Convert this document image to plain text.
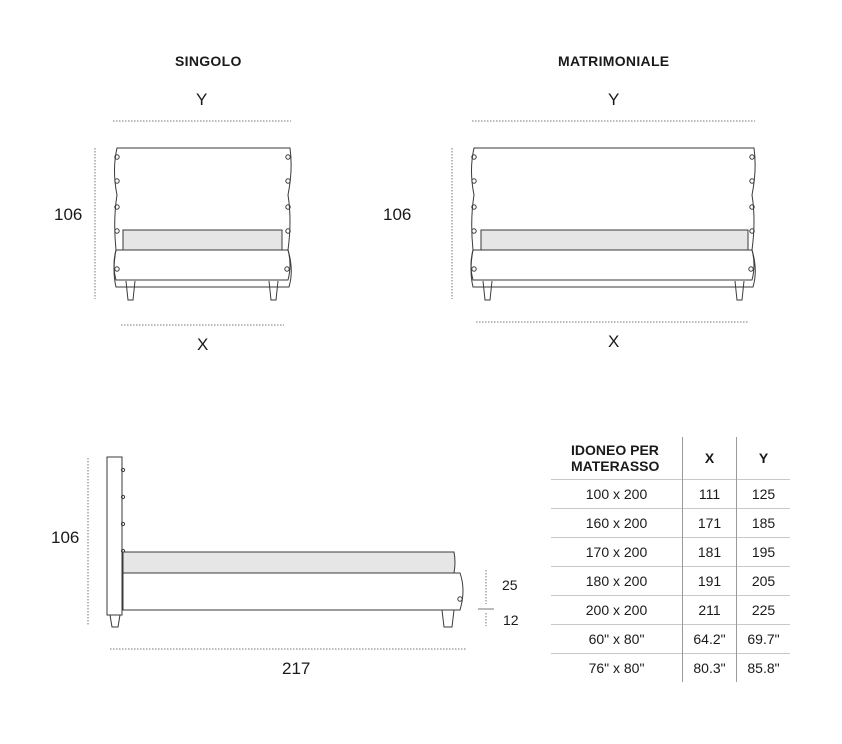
SINGOLO	MATRIMONIALE
Y	Y
106	106
X	X
106
217
25
12
IDONEO PER
MATERASSO	X	Y
100 x 200	111	125
160 x 200	171	185
170 x 200	181	195
180 x 200	191	205
200 x 200	211	225
60" x 80"	64.2"	69.7"
76" x 80"	80.3"	85.8"
